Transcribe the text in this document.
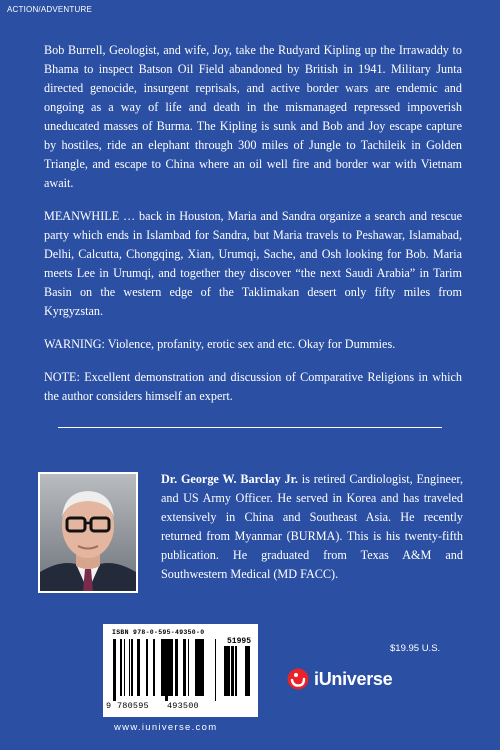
ACTION/ADVENTURE

Bob Burrell, Geologist, and wife, Joy, take the Rudyard Kipling up the Irrawaddy to Bhama to inspect Batson Oil Field abandoned by British in 1941. Military Junta directed genocide, insurgent reprisals, and active border wars are endemic and ongoing as a way of life and death in the mismanaged repressed impoverish uneducated masses of Burma. The Kipling is sunk and Bob and Joy escape capture by hostiles, ride an elephant through 300 miles of Jungle to Tachileik in Golden Triangle, and escape to China where an oil well fire and border war with Vietnam await.

MEANWHILE … back in Houston, Maria and Sandra organize a search and rescue party which ends in Islambad for Sandra, but Maria travels to Peshawar, Islamabad, Delhi, Calcutta, Chongqing, Xian, Urumqi, Sache, and Osh looking for Bob. Maria meets Lee in Urumqi, and together they discover “the next Saudi Arabia” in Tarim Basin on the western edge of the Taklimakan desert only fifty miles from Kyrgyzstan.

WARNING: Violence, profanity, erotic sex and etc. Okay for Dummies.

NOTE: Excellent demonstration and discussion of Comparative Religions in which the author considers himself an expert.

Dr. George W. Barclay Jr. is retired Cardiologist, Engineer, and US Army Officer. He served in Korea and has traveled extensively in China and Southeast Asia. He recently returned from Myanmar (BURMA). This is his twenty-fifth publication. He graduated from Texas A&M and Southwestern Medical (MD FACC).
ISBN 978-0-595-49350-0
51995
9 780595 493500
www.iuniverse.com
$19.95 U.S.
iUniverse
